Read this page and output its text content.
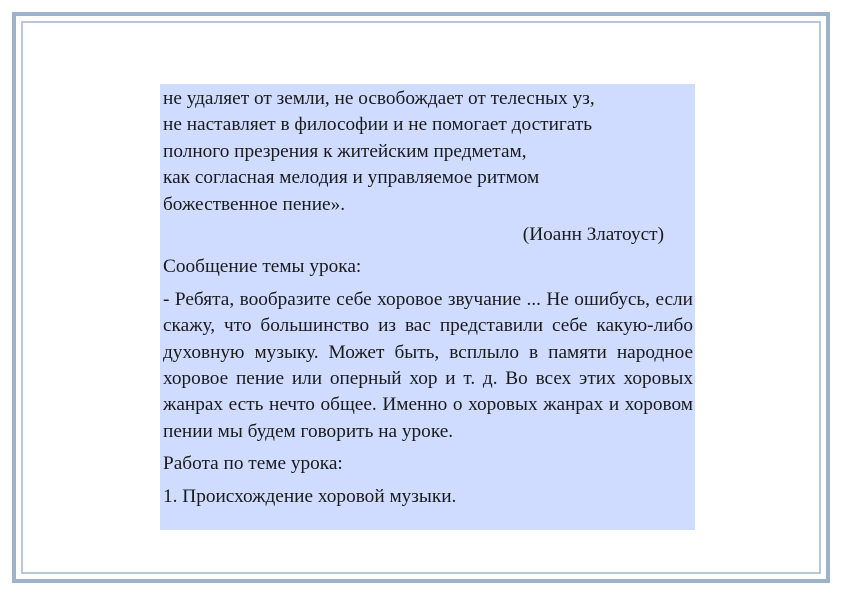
не удаляет от земли, не освобождает от телесных уз,
не наставляет в философии и не помогает достигать
полного презрения к житейским предметам,
как согласная мелодия и управляемое ритмом
божественное пение».
(Иоанн Златоуст)
Сообщение темы урока:
- Ребята, вообразите себе хоровое звучание ... Не ошибусь, если скажу, что большинство из вас представили себе какую-либо духовную музыку. Может быть, всплыло в памяти народное хоровое пение или оперный хор и т. д. Во всех этих хоровых жанрах есть нечто общее. Именно о хоровых жанрах и хоровом пении мы будем говорить на уроке.
Работа по теме урока:
1. Происхождение хоровой музыки.
